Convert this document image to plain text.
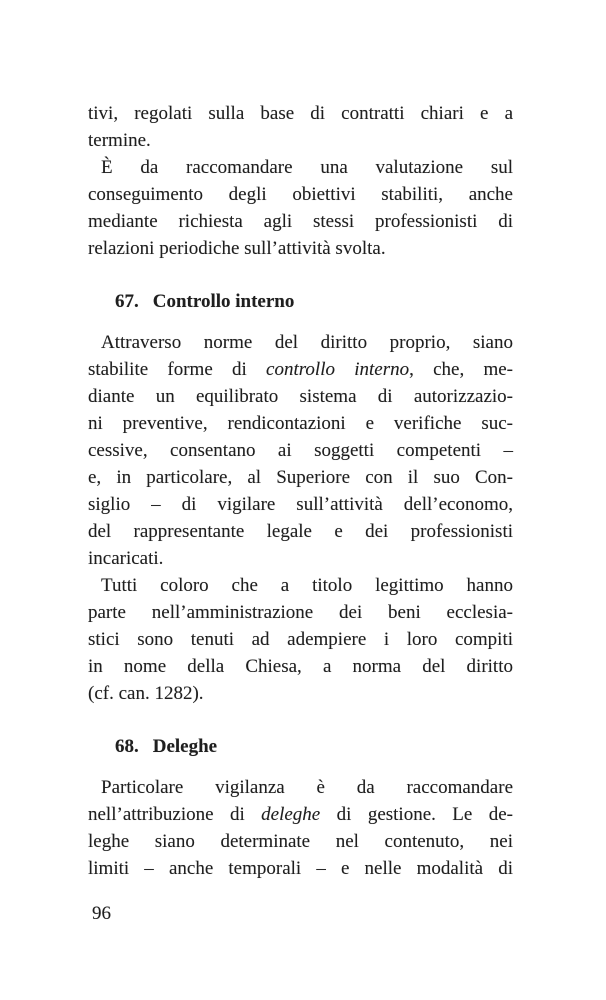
tivi, regolati sulla base di contratti chiari e a
termine.
È da raccomandare una valutazione sul
conseguimento degli obiettivi stabiliti, anche
mediante richiesta agli stessi professionisti di
relazioni periodiche sull’attività svolta.
67. Controllo interno
Attraverso norme del diritto proprio, siano
stabilite forme di controllo interno, che, me-
diante un equilibrato sistema di autorizzazio-
ni preventive, rendicontazioni e verifiche suc-
cessive, consentano ai soggetti competenti –
e, in particolare, al Superiore con il suo Con-
siglio – di vigilare sull’attività dell’economo,
del rappresentante legale e dei professionisti
incaricati.
Tutti coloro che a titolo legittimo hanno
parte nell’amministrazione dei beni ecclesia-
stici sono tenuti ad adempiere i loro compiti
in nome della Chiesa, a norma del diritto
(cf. can. 1282).
68. Deleghe
Particolare vigilanza è da raccomandare
nell’attribuzione di deleghe di gestione. Le de-
leghe siano determinate nel contenuto, nei
limiti – anche temporali – e nelle modalità di
96
